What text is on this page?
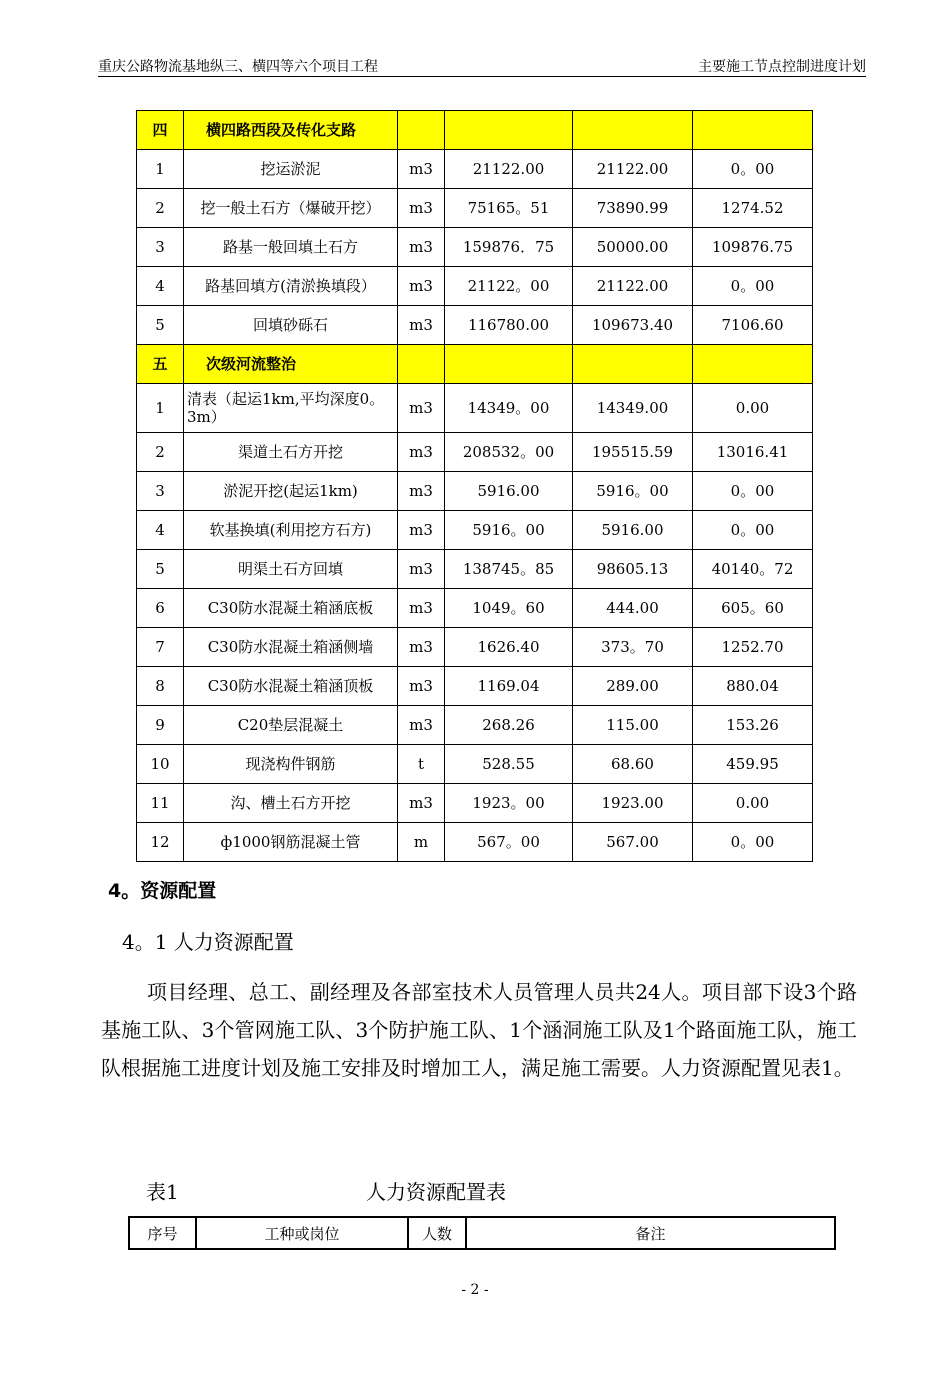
重庆公路物流基地纵三、横四等六个项目工程	主要施工节点控制进度计划
四	横四路西段及传化支路				
1	挖运淤泥	m3	21122.00	21122.00	0。00
2	挖一般土石方（爆破开挖）	m3	75165。51	73890.99	1274.52
3	路基一般回填土石方	m3	159876．75	50000.00	109876.75
4	路基回填方(清淤换填段）	m3	21122。00	21122.00	0。00
5	回填砂砾石	m3	116780.00	109673.40	7106.60
五	次级河流整治				
1	清表（起运1km,平均深度0。3m）	m3	14349。00	14349.00	0.00
2	渠道土石方开挖	m3	208532。00	195515.59	13016.41
3	淤泥开挖(起运1km)	m3	5916.00	5916。00	0。00
4	软基换填(利用挖方石方)	m3	5916。00	5916.00	0。00
5	明渠土石方回填	m3	138745。85	98605.13	40140。72
6	C30防水混凝土箱涵底板	m3	1049。60	444.00	605。60
7	C30防水混凝土箱涵侧墙	m3	1626.40	373。70	1252.70
8	C30防水混凝土箱涵顶板	m3	1169.04	289.00	880.04
9	C20垫层混凝土	m3	268.26	115.00	153.26
10	现浇构件钢筋	t	528.55	68.60	459.95
11	沟、槽土石方开挖	m3	1923。00	1923.00	0.00
12	ф1000钢筋混凝土管	m	567。00	567.00	0。00
4。资源配置
4。1 人力资源配置
项目经理、总工、副经理及各部室技术人员管理人员共24人。项目部下设3个路基施工队、3个管网施工队、3个防护施工队、1个涵洞施工队及1个路面施工队，施工队根据施工进度计划及施工安排及时增加工人，满足施工需要。人力资源配置见表1。
表1	人力资源配置表
序号	工种或岗位	人数	备注
- 2 -
